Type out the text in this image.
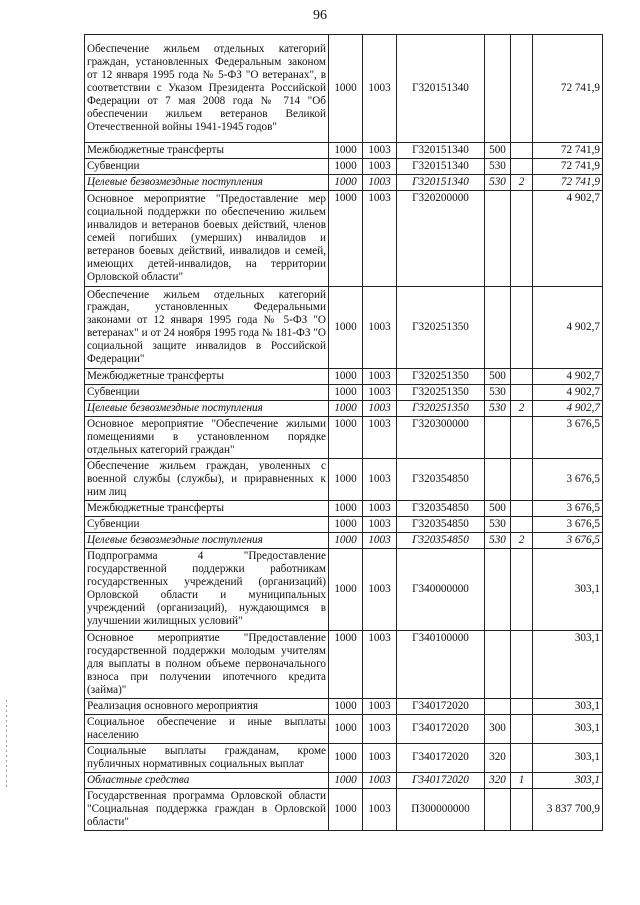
96
Обеспечение жильем отдельных категорий граждан, установленных Федеральным законом от 12 января 1995 года № 5-ФЗ "О ветеранах", в соответствии с Указом Президента Российской Федерации от 7 мая 2008 года № 714 "Об обеспечении жильем ветеранов Великой Отечественной войны 1941-1945 годов"	1000	1003	Г320151340			72 741,9
Межбюджетные трансферты	1000	1003	Г320151340	500		72 741,9
Субвенции	1000	1003	Г320151340	530		72 741,9
Целевые безвозмездные поступления	1000	1003	Г320151340	530	2	72 741,9
Основное мероприятие "Предоставление мер социальной поддержки по обеспечению жильем инвалидов и ветеранов боевых действий, членов семей погибших (умерших) инвалидов и ветеранов боевых действий, инвалидов и семей, имеющих детей-инвалидов, на территории Орловской области"	1000	1003	Г320200000			4 902,7
Обеспечение жильем отдельных категорий граждан, установленных Федеральными законами от 12 января 1995 года № 5-ФЗ "О ветеранах" и от 24 ноября 1995 года № 181-ФЗ "О социальной защите инвалидов в Российской Федерации"	1000	1003	Г320251350			4 902,7
Межбюджетные трансферты	1000	1003	Г320251350	500		4 902,7
Субвенции	1000	1003	Г320251350	530		4 902,7
Целевые безвозмездные поступления	1000	1003	Г320251350	530	2	4 902,7
Основное мероприятие "Обеспечение жилыми помещениями в установленном порядке отдельных категорий граждан"	1000	1003	Г320300000			3 676,5
Обеспечение жильем граждан, уволенных с военной службы (службы), и приравненных к ним лиц	1000	1003	Г320354850			3 676,5
Межбюджетные трансферты	1000	1003	Г320354850	500		3 676,5
Субвенции	1000	1003	Г320354850	530		3 676,5
Целевые безвозмездные поступления	1000	1003	Г320354850	530	2	3 676,5
Подпрограмма 4 "Предоставление государственной поддержки работникам государственных учреждений (организаций) Орловской области и муниципальных учреждений (организаций), нуждающимся в улучшении жилищных условий"	1000	1003	Г340000000			303,1
Основное мероприятие "Предоставление государственной поддержки молодым учителям для выплаты в полном объеме первоначального взноса при получении ипотечного кредита (займа)"	1000	1003	Г340100000			303,1
Реализация основного мероприятия	1000	1003	Г340172020			303,1
Социальное обеспечение и иные выплаты населению	1000	1003	Г340172020	300		303,1
Социальные выплаты гражданам, кроме публичных нормативных социальных выплат	1000	1003	Г340172020	320		303,1
Областные средства	1000	1003	Г340172020	320	1	303,1
Государственная программа Орловской области "Социальная поддержка граждан в Орловской области"	1000	1003	П300000000			3 837 700,9
